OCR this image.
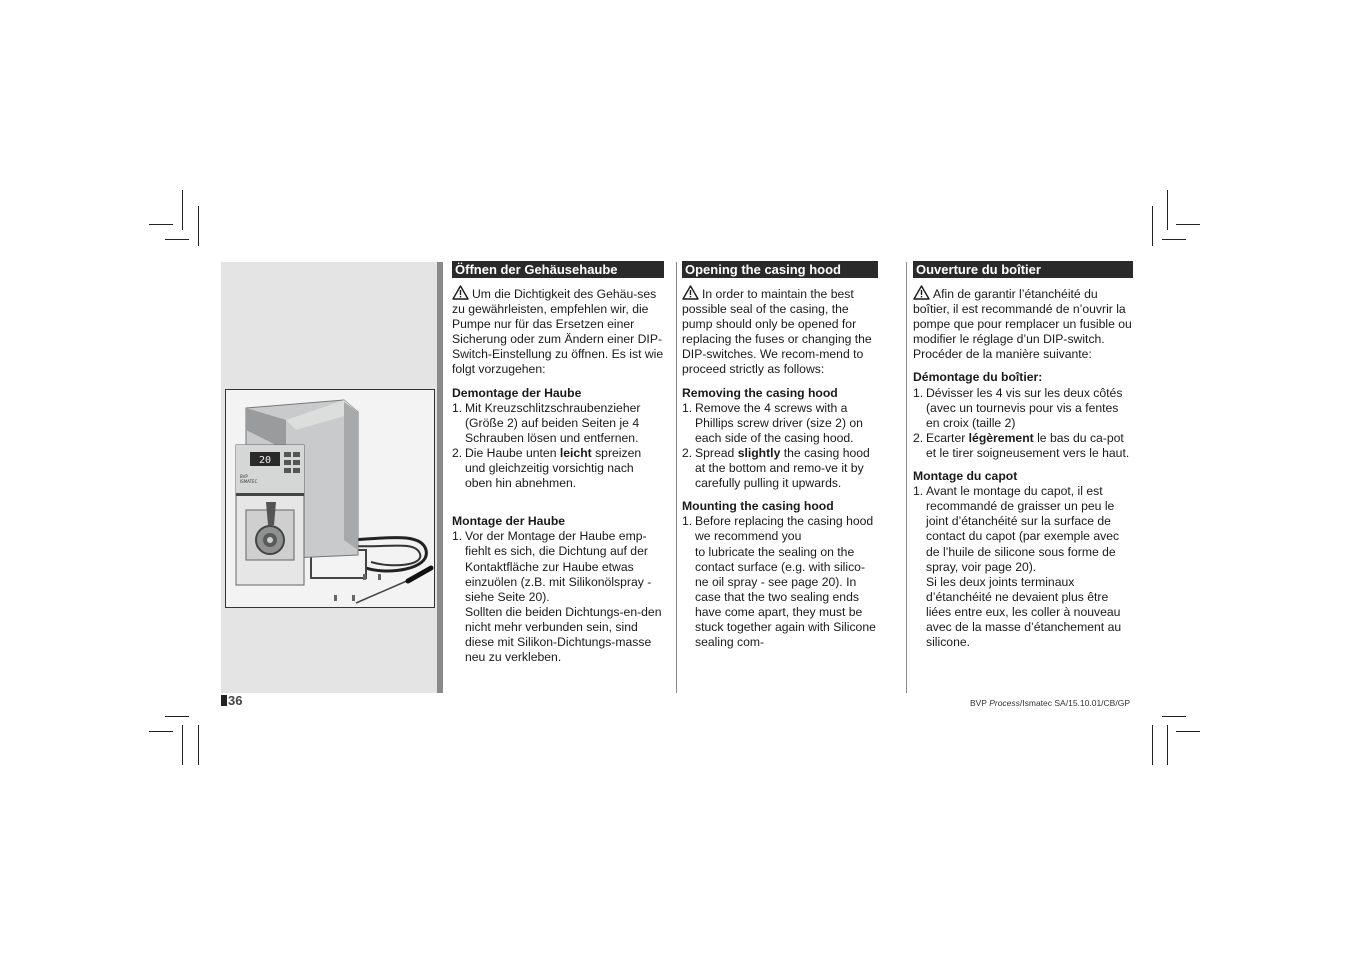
20
BVP
ISMATEC
Öffnen der Gehäusehaube

Um die Dichtigkeit des Gehäu-ses zu gewährleisten, empfehlen wir, die Pumpe nur für das Ersetzen einer Sicherung oder zum Ändern einer DIP-Switch-Einstellung zu öffnen. Es ist wie folgt vorzugehen:

Demontage der Haube

1. Mit Kreuzschlitzschraubenzieher (Größe 2) auf beiden Seiten je 4 Schrauben lösen und entfernen.
2. Die Haube unten leicht spreizen und gleichzeitig vorsichtig nach oben hin abnehmen.

Montage der Haube

1. Vor der Montage der Haube emp-fiehlt es sich, die Dichtung auf der Kontaktfläche zur Haube etwas einzuölen (z.B. mit Silikonölspray - siehe Seite 20).
Sollten die beiden Dichtungs-en-den nicht mehr verbunden sein, sind diese mit Silikon-Dichtungs-masse neu zu verkleben.
Opening the casing hood

In order to maintain the best possible seal of the casing, the pump should only be opened for replacing the fuses or changing the DIP-switches. We recom-mend to proceed strictly as follows:

Removing the casing hood

1. Remove the 4 screws with a Phillips screw driver (size 2) on each side of the casing hood.
2. Spread slightly the casing hood at the bottom and remo-ve it by carefully pulling it upwards.

Mounting the casing hood

1. Before replacing the casing hood we recommend you
to lubricate the sealing on the contact surface (e.g. with silico-ne oil spray - see page 20). In case that the two sealing ends have come apart, they must be stuck together again with Silicone sealing com-
Ouverture du boîtier

Afin de garantir l’étanchéité du boîtier, il est recommandé de n’ouvrir la pompe que pour remplacer un fusible ou modifier le réglage d’un DIP-switch. Procéder de la manière suivante:

Démontage du boîtier:

1. Dévisser les 4 vis sur les deux côtés (avec un tournevis pour vis a fentes en croix (taille 2)
2. Ecarter légèrement le bas du ca-pot et le tirer soigneusement vers le haut.

Montage du capot

1. Avant le montage du capot, il est recommandé de graisser un peu le joint d’étanchéité sur la surface de contact du capot (par exemple avec de l’huile de silicone sous forme de spray, voir page 20).
Si les deux joints terminaux d’étanchéité ne devaient plus être liées entre eux, les coller à nouveau avec de la masse d’étanchement au silicone.
36	BVP Process/Ismatec SA/15.10.01/CB/GP
